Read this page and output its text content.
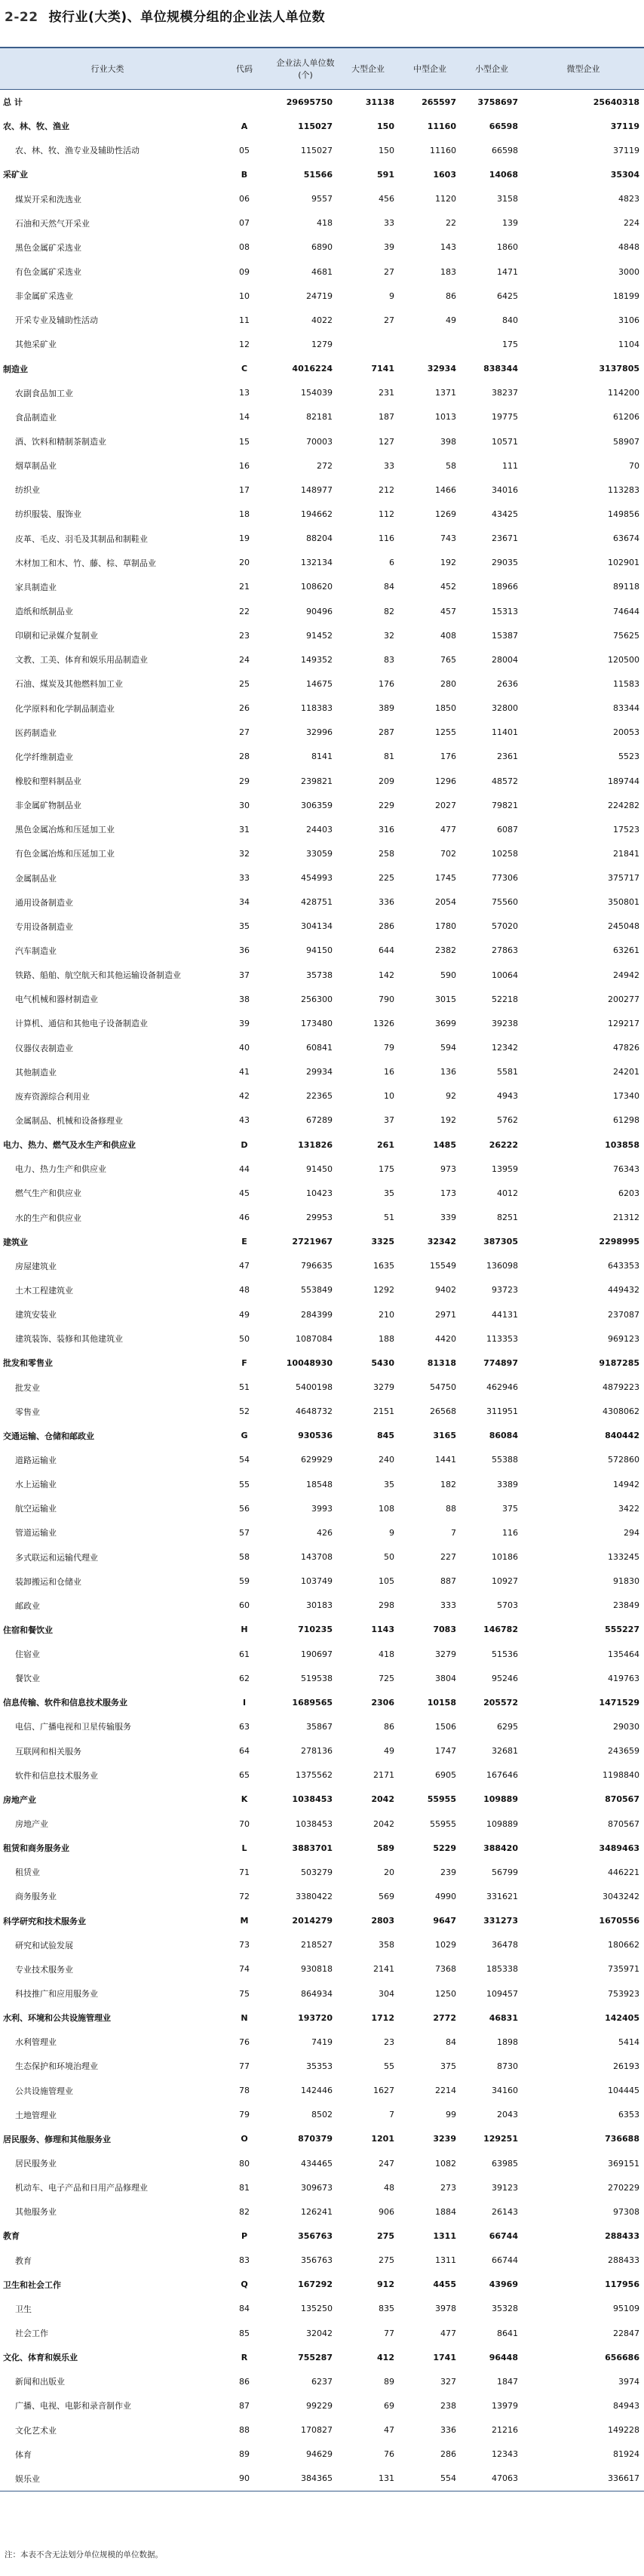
2-22 按行业(大类)、单位规模分组的企业法人单位数
行业大类	代码	企业法人单位数(个)	大型企业	中型企业	小型企业	微型企业
总 计		29695750	31138	265597	3758697	25640318
农、林、牧、渔业	A	115027	150	11160	66598	37119
农、林、牧、渔专业及辅助性活动	05	115027	150	11160	66598	37119
采矿业	B	51566	591	1603	14068	35304
煤炭开采和洗选业	06	9557	456	1120	3158	4823
石油和天然气开采业	07	418	33	22	139	224
黑色金属矿采选业	08	6890	39	143	1860	4848
有色金属矿采选业	09	4681	27	183	1471	3000
非金属矿采选业	10	24719	9	86	6425	18199
开采专业及辅助性活动	11	4022	27	49	840	3106
其他采矿业	12	1279			175	1104
制造业	C	4016224	7141	32934	838344	3137805
农副食品加工业	13	154039	231	1371	38237	114200
食品制造业	14	82181	187	1013	19775	61206
酒、饮料和精制茶制造业	15	70003	127	398	10571	58907
烟草制品业	16	272	33	58	111	70
纺织业	17	148977	212	1466	34016	113283
纺织服装、服饰业	18	194662	112	1269	43425	149856
皮革、毛皮、羽毛及其制品和制鞋业	19	88204	116	743	23671	63674
木材加工和木、竹、藤、棕、草制品业	20	132134	6	192	29035	102901
家具制造业	21	108620	84	452	18966	89118
造纸和纸制品业	22	90496	82	457	15313	74644
印刷和记录媒介复制业	23	91452	32	408	15387	75625
文教、工美、体育和娱乐用品制造业	24	149352	83	765	28004	120500
石油、煤炭及其他燃料加工业	25	14675	176	280	2636	11583
化学原料和化学制品制造业	26	118383	389	1850	32800	83344
医药制造业	27	32996	287	1255	11401	20053
化学纤维制造业	28	8141	81	176	2361	5523
橡胶和塑料制品业	29	239821	209	1296	48572	189744
非金属矿物制品业	30	306359	229	2027	79821	224282
黑色金属冶炼和压延加工业	31	24403	316	477	6087	17523
有色金属冶炼和压延加工业	32	33059	258	702	10258	21841
金属制品业	33	454993	225	1745	77306	375717
通用设备制造业	34	428751	336	2054	75560	350801
专用设备制造业	35	304134	286	1780	57020	245048
汽车制造业	36	94150	644	2382	27863	63261
铁路、船舶、航空航天和其他运输设备制造业	37	35738	142	590	10064	24942
电气机械和器材制造业	38	256300	790	3015	52218	200277
计算机、通信和其他电子设备制造业	39	173480	1326	3699	39238	129217
仪器仪表制造业	40	60841	79	594	12342	47826
其他制造业	41	29934	16	136	5581	24201
废弃资源综合利用业	42	22365	10	92	4943	17340
金属制品、机械和设备修理业	43	67289	37	192	5762	61298
电力、热力、燃气及水生产和供应业	D	131826	261	1485	26222	103858
电力、热力生产和供应业	44	91450	175	973	13959	76343
燃气生产和供应业	45	10423	35	173	4012	6203
水的生产和供应业	46	29953	51	339	8251	21312
建筑业	E	2721967	3325	32342	387305	2298995
房屋建筑业	47	796635	1635	15549	136098	643353
土木工程建筑业	48	553849	1292	9402	93723	449432
建筑安装业	49	284399	210	2971	44131	237087
建筑装饰、装修和其他建筑业	50	1087084	188	4420	113353	969123
批发和零售业	F	10048930	5430	81318	774897	9187285
批发业	51	5400198	3279	54750	462946	4879223
零售业	52	4648732	2151	26568	311951	4308062
交通运输、仓储和邮政业	G	930536	845	3165	86084	840442
道路运输业	54	629929	240	1441	55388	572860
水上运输业	55	18548	35	182	3389	14942
航空运输业	56	3993	108	88	375	3422
管道运输业	57	426	9	7	116	294
多式联运和运输代理业	58	143708	50	227	10186	133245
装卸搬运和仓储业	59	103749	105	887	10927	91830
邮政业	60	30183	298	333	5703	23849
住宿和餐饮业	H	710235	1143	7083	146782	555227
住宿业	61	190697	418	3279	51536	135464
餐饮业	62	519538	725	3804	95246	419763
信息传输、软件和信息技术服务业	I	1689565	2306	10158	205572	1471529
电信、广播电视和卫星传输服务	63	35867	86	1506	6295	29030
互联网和相关服务	64	278136	49	1747	32681	243659
软件和信息技术服务业	65	1375562	2171	6905	167646	1198840
房地产业	K	1038453	2042	55955	109889	870567
房地产业	70	1038453	2042	55955	109889	870567
租赁和商务服务业	L	3883701	589	5229	388420	3489463
租赁业	71	503279	20	239	56799	446221
商务服务业	72	3380422	569	4990	331621	3043242
科学研究和技术服务业	M	2014279	2803	9647	331273	1670556
研究和试验发展	73	218527	358	1029	36478	180662
专业技术服务业	74	930818	2141	7368	185338	735971
科技推广和应用服务业	75	864934	304	1250	109457	753923
水利、环境和公共设施管理业	N	193720	1712	2772	46831	142405
水利管理业	76	7419	23	84	1898	5414
生态保护和环境治理业	77	35353	55	375	8730	26193
公共设施管理业	78	142446	1627	2214	34160	104445
土地管理业	79	8502	7	99	2043	6353
居民服务、修理和其他服务业	O	870379	1201	3239	129251	736688
居民服务业	80	434465	247	1082	63985	369151
机动车、电子产品和日用产品修理业	81	309673	48	273	39123	270229
其他服务业	82	126241	906	1884	26143	97308
教育	P	356763	275	1311	66744	288433
教育	83	356763	275	1311	66744	288433
卫生和社会工作	Q	167292	912	4455	43969	117956
卫生	84	135250	835	3978	35328	95109
社会工作	85	32042	77	477	8641	22847
文化、体育和娱乐业	R	755287	412	1741	96448	656686
新闻和出版业	86	6237	89	327	1847	3974
广播、电视、电影和录音制作业	87	99229	69	238	13979	84943
文化艺术业	88	170827	47	336	21216	149228
体育	89	94629	76	286	12343	81924
娱乐业	90	384365	131	554	47063	336617
注：本表不含无法划分单位规模的单位数据。
